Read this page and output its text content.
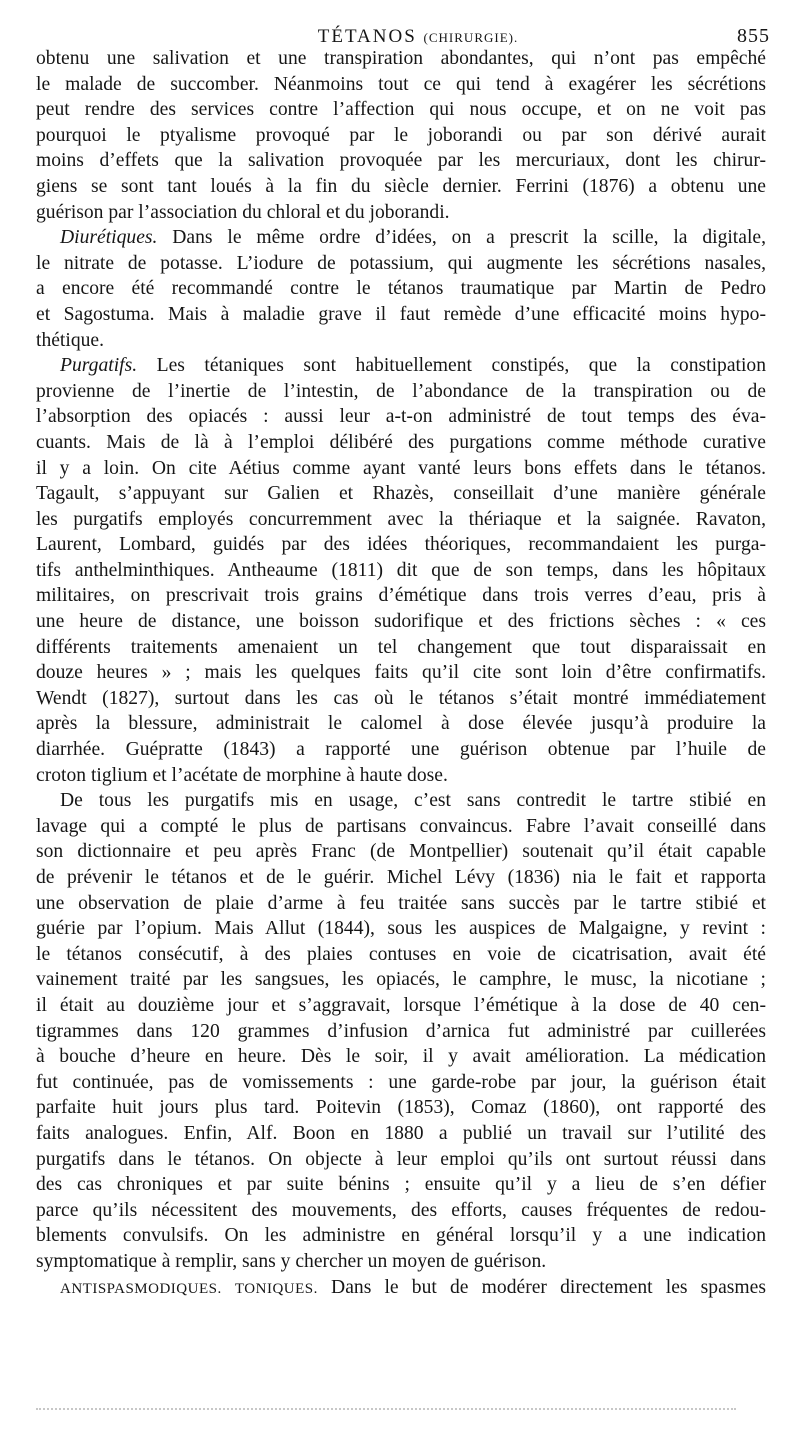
TÉTANOS (CHIRURGIE).	855
obtenu une salivation et une transpiration abondantes, qui n’ont pas empêché
le malade de succomber. Néanmoins tout ce qui tend à exagérer les sécrétions
peut rendre des services contre l’affection qui nous occupe, et on ne voit pas
pourquoi le ptyalisme provoqué par le joborandi ou par son dérivé aurait
moins d’effets que la salivation provoquée par les mercuriaux, dont les chirur-
giens se sont tant loués à la fin du siècle dernier. Ferrini (1876) a obtenu une
guérison par l’association du chloral et du joborandi.
Diurétiques. Dans le même ordre d’idées, on a prescrit la scille, la digitale,
le nitrate de potasse. L’iodure de potassium, qui augmente les sécrétions nasales,
a encore été recommandé contre le tétanos traumatique par Martin de Pedro
et Sagostuma. Mais à maladie grave il faut remède d’une efficacité moins hypo-
thétique.
Purgatifs. Les tétaniques sont habituellement constipés, que la constipation
provienne de l’inertie de l’intestin, de l’abondance de la transpiration ou de
l’absorption des opiacés : aussi leur a-t-on administré de tout temps des éva-
cuants. Mais de là à l’emploi délibéré des purgations comme méthode curative
il y a loin. On cite Aétius comme ayant vanté leurs bons effets dans le tétanos.
Tagault, s’appuyant sur Galien et Rhazès, conseillait d’une manière générale
les purgatifs employés concurremment avec la thériaque et la saignée. Ravaton,
Laurent, Lombard, guidés par des idées théoriques, recommandaient les purga-
tifs anthelminthiques. Antheaume (1811) dit que de son temps, dans les hôpitaux
militaires, on prescrivait trois grains d’émétique dans trois verres d’eau, pris à
une heure de distance, une boisson sudorifique et des frictions sèches : « ces
différents traitements amenaient un tel changement que tout disparaissait en
douze heures » ; mais les quelques faits qu’il cite sont loin d’être confirmatifs.
Wendt (1827), surtout dans les cas où le tétanos s’était montré immédiatement
après la blessure, administrait le calomel à dose élevée jusqu’à produire la
diarrhée. Guépratte (1843) a rapporté une guérison obtenue par l’huile de
croton tiglium et l’acétate de morphine à haute dose.
De tous les purgatifs mis en usage, c’est sans contredit le tartre stibié en
lavage qui a compté le plus de partisans convaincus. Fabre l’avait conseillé dans
son dictionnaire et peu après Franc (de Montpellier) soutenait qu’il était capable
de prévenir le tétanos et de le guérir. Michel Lévy (1836) nia le fait et rapporta
une observation de plaie d’arme à feu traitée sans succès par le tartre stibié et
guérie par l’opium. Mais Allut (1844), sous les auspices de Malgaigne, y revint :
le tétanos consécutif, à des plaies contuses en voie de cicatrisation, avait été
vainement traité par les sangsues, les opiacés, le camphre, le musc, la nicotiane ;
il était au douzième jour et s’aggravait, lorsque l’émétique à la dose de 40 cen-
tigrammes dans 120 grammes d’infusion d’arnica fut administré par cuillerées
à bouche d’heure en heure. Dès le soir, il y avait amélioration. La médication
fut continuée, pas de vomissements : une garde-robe par jour, la guérison était
parfaite huit jours plus tard. Poitevin (1853), Comaz (1860), ont rapporté des
faits analogues. Enfin, Alf. Boon en 1880 a publié un travail sur l’utilité des
purgatifs dans le tétanos. On objecte à leur emploi qu’ils ont surtout réussi dans
des cas chroniques et par suite bénins ; ensuite qu’il y a lieu de s’en défier
parce qu’ils nécessitent des mouvements, des efforts, causes fréquentes de redou-
blements convulsifs. On les administre en général lorsqu’il y a une indication
symptomatique à remplir, sans y chercher un moyen de guérison.
ANTISPASMODIQUES. TONIQUES. Dans le but de modérer directement les spasmes
